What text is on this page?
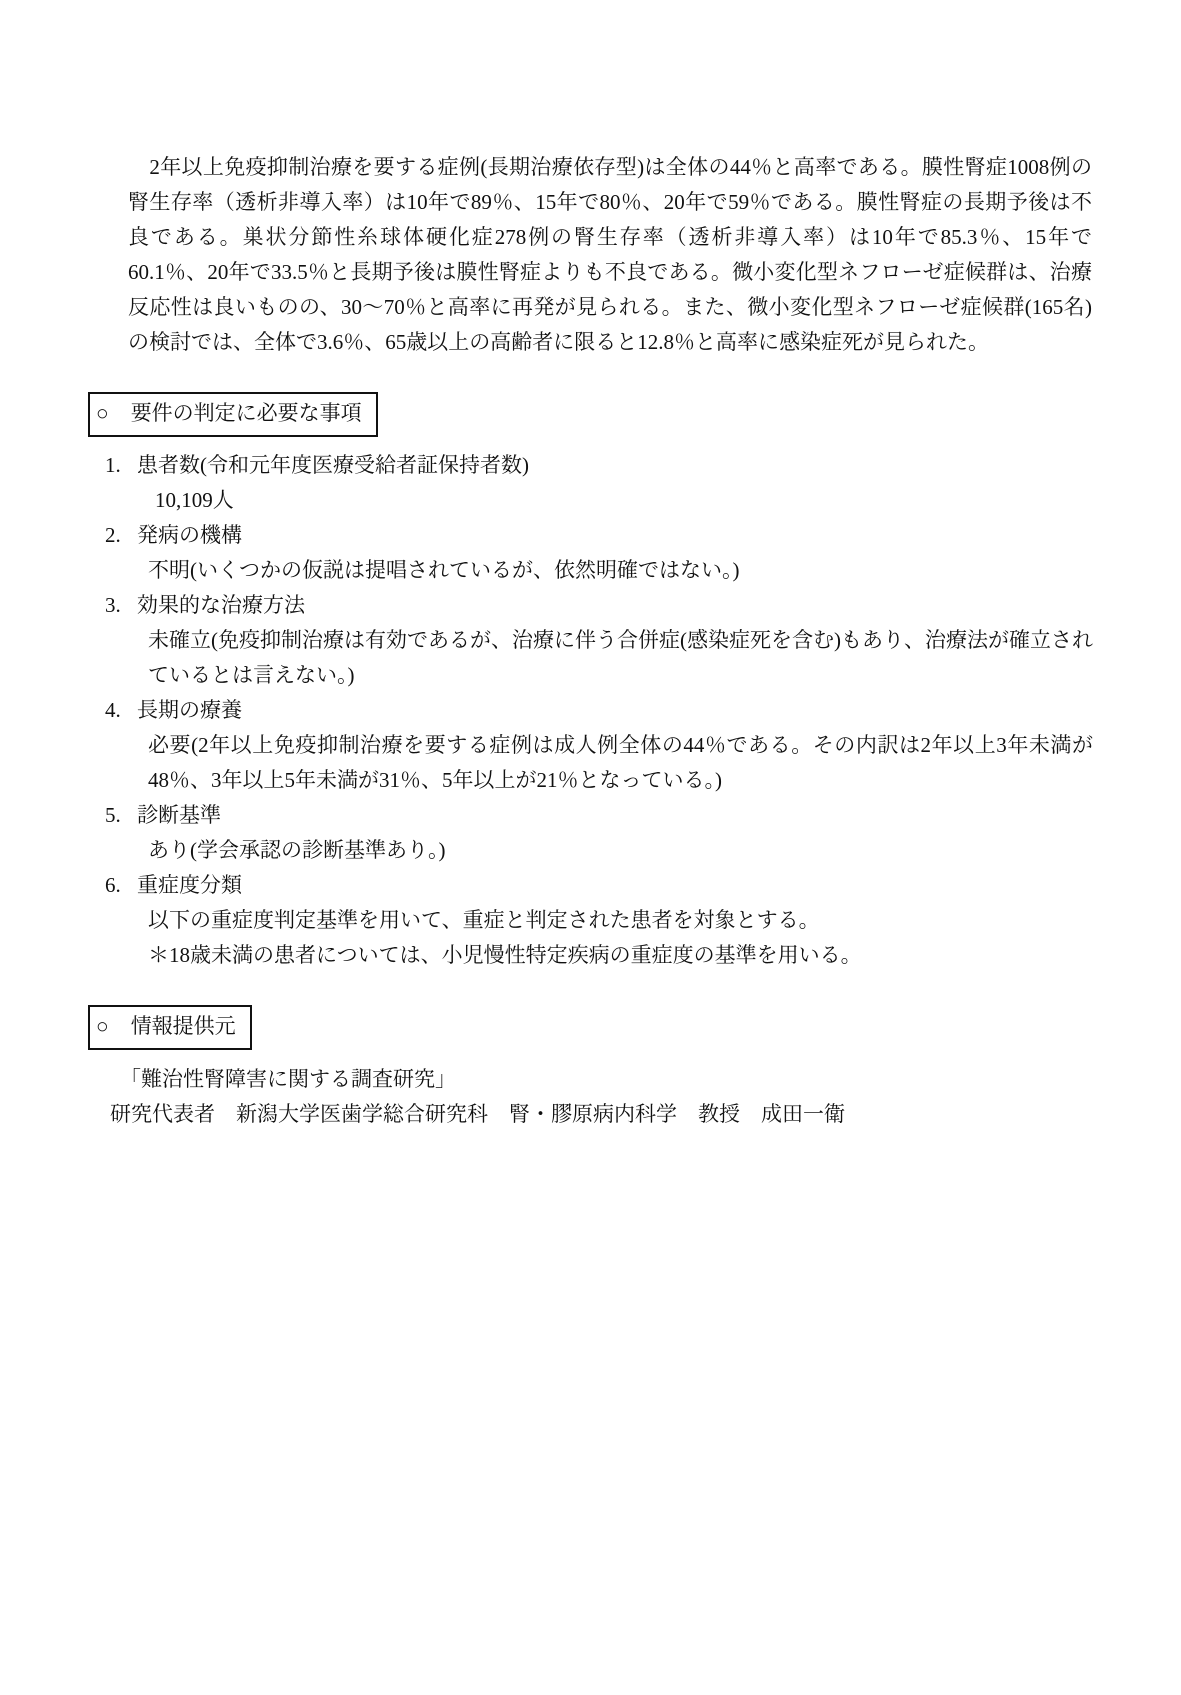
　2年以上免疫抑制治療を要する症例(長期治療依存型)は全体の44％と高率である。膜性腎症1008例の腎生存率（透析非導入率）は10年で89％、15年で80％、20年で59％である。膜性腎症の長期予後は不良である。巣状分節性糸球体硬化症278例の腎生存率（透析非導入率）は10年で85.3％、15年で60.1％、20年で33.5％と長期予後は膜性腎症よりも不良である。微小変化型ネフローゼ症候群は、治療反応性は良いものの、30〜70％と高率に再発が見られる。また、微小変化型ネフローゼ症候群(165名)の検討では、全体で3.6％、65歳以上の高齢者に限ると12.8％と高率に感染症死が見られた。

○ 要件の判定に必要な事項
1. 患者数(令和元年度医療受給者証保持者数)
10,109人
2. 発病の機構
不明(いくつかの仮説は提唱されているが、依然明確ではない。)
3. 効果的な治療方法
未確立(免疫抑制治療は有効であるが、治療に伴う合併症(感染症死を含む)もあり、治療法が確立されているとは言えない。)
4. 長期の療養
必要(2年以上免疫抑制治療を要する症例は成人例全体の44％である。その内訳は2年以上3年未満が48％、3年以上5年未満が31％、5年以上が21％となっている。)
5. 診断基準
あり(学会承認の診断基準あり。)
6. 重症度分類
以下の重症度判定基準を用いて、重症と判定された患者を対象とする。
＊18歳未満の患者については、小児慢性特定疾病の重症度の基準を用いる。
○ 情報提供元
「難治性腎障害に関する調査研究」
研究代表者　新潟大学医歯学総合研究科　腎・膠原病内科学　教授　成田一衛
